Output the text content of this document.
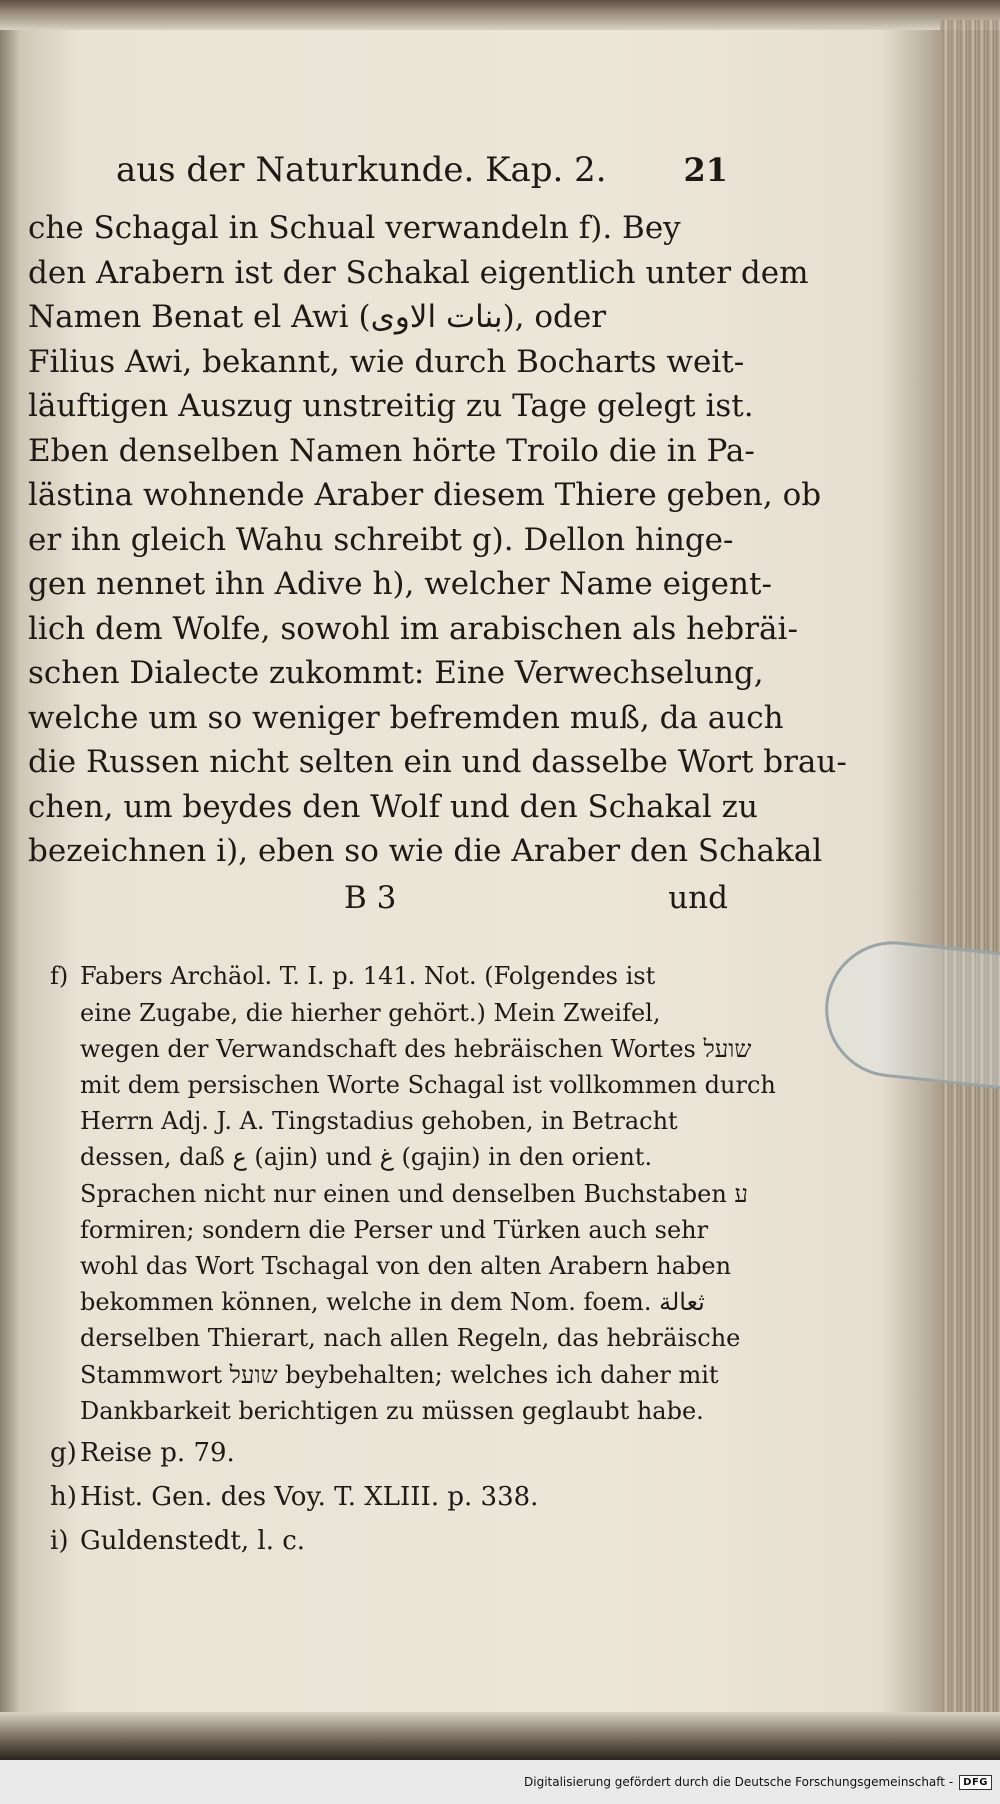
aus der Naturkunde. Kap. 2. 21
che Schagal in Schual verwandeln f). Bey
den Arabern ist der Schakal eigentlich unter dem
Namen Benat el Awi (بنات الاوى), oder
Filius Awi, bekannt, wie durch Bocharts weit-
läuftigen Auszug unstreitig zu Tage gelegt ist.
Eben denselben Namen hörte Troilo die in Pa-
lästina wohnende Araber diesem Thiere geben, ob
er ihn gleich Wahu schreibt g). Dellon hinge-
gen nennet ihn Adive h), welcher Name eigent-
lich dem Wolfe, sowohl im arabischen als hebräi-
schen Dialecte zukommt: Eine Verwechselung,
welche um so weniger befremden muß, da auch
die Russen nicht selten ein und dasselbe Wort brau-
chen, um beydes den Wolf und den Schakal zu
bezeichnen i), eben so wie die Araber den Schakal
B 3	und
f) Fabers Archäol. T. I. p. 141. Not. (Folgendes ist
eine Zugabe, die hierher gehört.) Mein Zweifel,
wegen der Verwandschaft des hebräischen Wortes שועל
mit dem persischen Worte Schagal ist vollkommen durch
Herrn Adj. J. A. Tingstadius gehoben, in Betracht
dessen, daß ع (ajin) und غ (gajin) in den orient.
Sprachen nicht nur einen und denselben Buchstaben ע
formiren; sondern die Perser und Türken auch sehr
wohl das Wort Tschagal von den alten Arabern haben
bekommen können, welche in dem Nom. foem. ثعالة
derselben Thierart, nach allen Regeln, das hebräische
Stammwort שועל beybehalten; welches ich daher mit
Dankbarkeit berichtigen zu müssen geglaubt habe.
g) Reise p. 79.
h) Hist. Gen. des Voy. T. XLIII. p. 338.
i) Guldenstedt, l. c.
Digitalisierung gefördert durch die Deutsche Forschungsgemeinschaft -	DFG
